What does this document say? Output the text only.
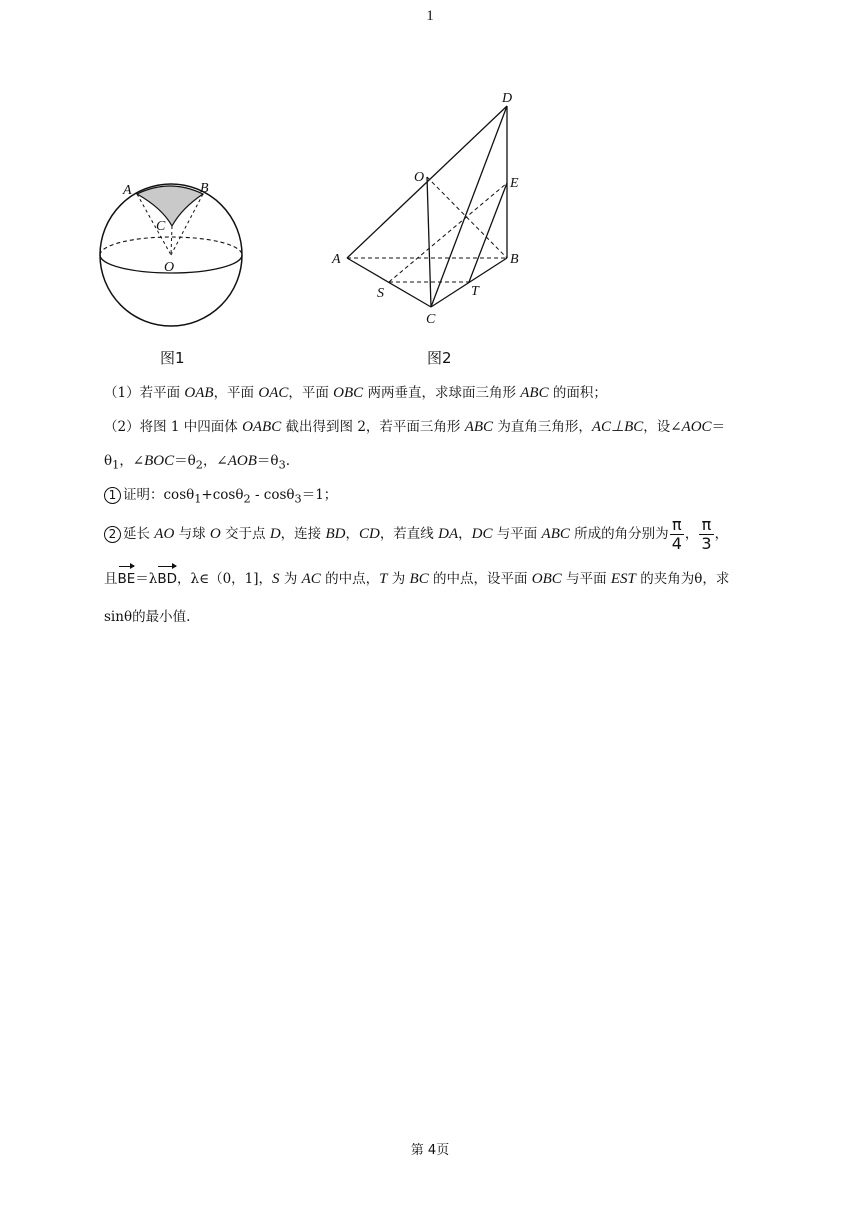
1
A	B
C
O
图1
D
O	E
A	B
S	T
C
图2
（1）若平面 OAB，平面 OAC，平面 OBC 两两垂直，求球面三角形 ABC 的面积；
（2）将图 1 中四面体 OABC 截出得到图 2，若平面三角形 ABC 为直角三角形，AC⊥BC，设∠AOC＝
$\theta_1$，$\angle BOC=\theta_2$，$\angle AOB=\theta_3$.
1 证明：cosθ$_1$+cosθ$_2$ - cosθ$_3$＝1；
2 延长 AO 与球 O 交于点 D，连接 BD，CD，若直线 DA，DC 与平面 ABC 所成的角分别为 $\frac{\pi}{4}$ ， $\frac{\pi}{3}$ ，
且BE＝λBD，λ∈（0，1]，S 为 AC 的中点，T 为 BC 的中点，设平面 OBC 与平面 EST 的夹角为θ，求
sinθ的最小值.
第 4页
